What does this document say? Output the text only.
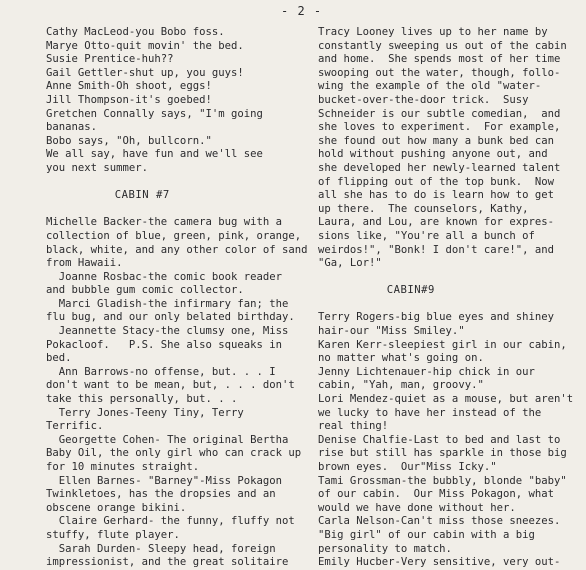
- 2 -
Cathy MacLeod-you Bobo foss.
Marye Otto-quit movin' the bed.
Susie Prentice-huh??
Gail Gettler-shut up, you guys!
Anne Smith-Oh shoot, eggs!
Jill Thompson-it's goebed!
Gretchen Connally says, "I'm going
bananas.
Bobo says, "Oh, bullcorn."
We all say, have fun and we'll see
you next summer.
CABIN #7
Michelle Backer-the camera bug with a
collection of blue, green, pink, orange,
black, white, and any other color of sand
from Hawaii.
Joanne Rosbac-the comic book reader
and bubble gum comic collector.
Marci Gladish-the infirmary fan; the
flu bug, and our only belated birthday.
Jeannette Stacy-the clumsy one, Miss
Pokacloof.   P.S. She also squeaks in
bed.
Ann Barrows-no offense, but. . . I
don't want to be mean, but, . . . don't
take this personally, but. . .
Terry Jones-Teeny Tiny, Terry
Terrific.
Georgette Cohen- The original Bertha
Baby Oil, the only girl who can crack up
for 10 minutes straight.
Ellen Barnes- "Barney"-Miss Pokagon
Twinkletoes, has the dropsies and an
obscene orange bikini.
Claire Gerhard- the funny, fluffy not
stuffy, flute player.
Sarah Durden- Sleepy head, foreign
impressionist, and the great solitaire
Tracy Looney lives up to her name by
constantly sweeping us out of the cabin
and home.  She spends most of her time
swooping out the water, though, follo-
wing the example of the old "water-
bucket-over-the-door trick.  Susy
Schneider is our subtle comedian,  and
she loves to experiment.  For example,
she found out how many a bunk bed can
hold without pushing anyone out, and
she developed her newly-learned talent
of flipping out of the top bunk.  Now
all she has to do is learn how to get
up there.  The counselors, Kathy,
Laura, and Lou, are known for expres-
sions like, "You're all a bunch of
weirdos!", "Bonk! I don't care!", and
"Ga, Lor!"
CABIN#9
Terry Rogers-big blue eyes and shiney
hair-our "Miss Smiley."
Karen Kerr-sleepiest girl in our cabin,
no matter what's going on.
Jenny Lichtenauer-hip chick in our
cabin, "Yah, man, groovy."
Lori Mendez-quiet as a mouse, but aren't
we lucky to have her instead of the
real thing!
Denise Chalfie-Last to bed and last to
rise but still has sparkle in those big
brown eyes.  Our"Miss Icky."
Tami Grossman-the bubbly, blonde "baby"
of our cabin.  Our Miss Pokagon, what
would we have done without her.
Carla Nelson-Can't miss those sneezes.
"Big girl" of our cabin with a big
personality to match.
Emily Hucber-Very sensitive, very out-
